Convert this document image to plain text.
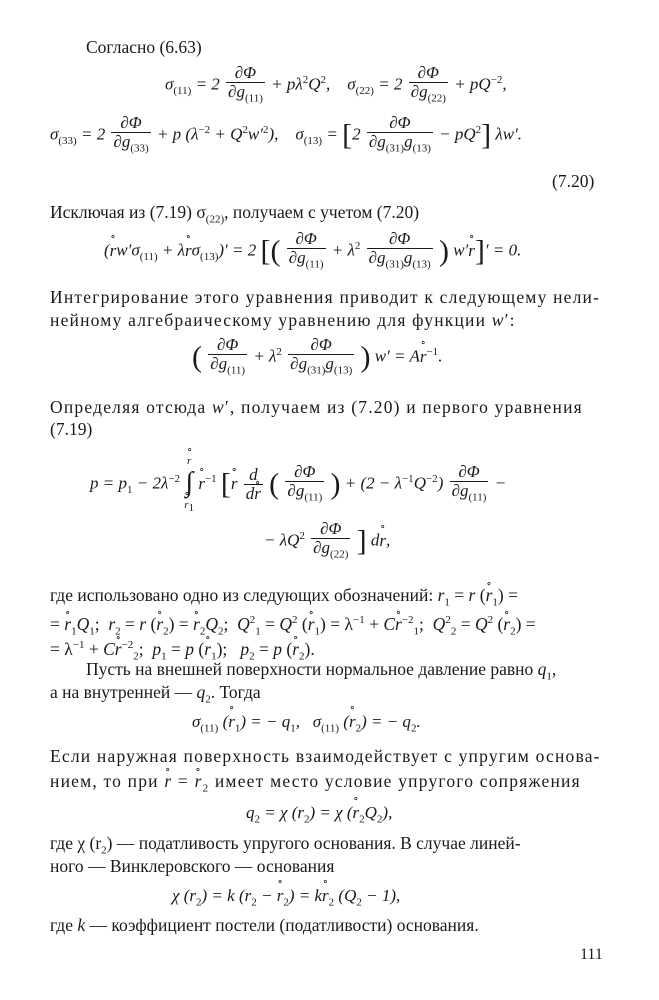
Согласно (6.63)
$\sigma_{(11)} = 2 \frac{\partial\Phi}{\partial g_{(11)}} + p\lambda^2Q^2$,    $\sigma_{(22)} = 2 \frac{\partial\Phi}{\partial g_{(22)}} + pQ^{-2}$,
$\sigma_{(33)} = 2 \frac{\partial\Phi}{\partial g_{(33)}} + p$ $(\lambda^{-2} + Q^2w'^2)$,    $\sigma_{(13)} = [2 \frac{\partial\Phi}{\partial g_{(31)}g_{(13)}} - pQ^2]$ λw′.
(7.20)
Исключая из (7.19) $\sigma_{(22)}$, получаем с учетом (7.20)
(∘ $rw'\sigma_{(11)}$ + λ∘ $r\sigma_{(13)})' = 2$ [( $\frac{\partial\Phi}{\partial g_{(11)}} + \lambda^2 \frac{\partial\Phi}{\partial g_{(31)}g_{(13)}}$ ) w′∘ r]′ = 0.
Интегрирование этого уравнения приводит к следующему нели-
нейному алгебраическому уравнению для функции w′:
( $\frac{\partial\Phi}{\partial g_{(11)}} + \lambda^2 \frac{\partial\Phi}{\partial g_{(31)}g_{(13)}}$ ) w′ = A∘ $r^{-1}$.
Определяя отсюда w′, получаем из (7.20) и первого уравнения
(7.19)
$p = p_1 - 2\lambda^{-2}$
∘ r
∫
∘ $r_1$
∘ $r^{-1}$ [∘ r $\frac{d}{d\circ r}$ ( $\frac{\partial\Phi}{\partial g_{(11)}}$ ) + $(2 - \lambda^{-1}Q^{-2}) \frac{\partial\Phi}{\partial g_{(11)}}$ −
− $\lambda Q^2 \frac{\partial\Phi}{\partial g_{(22)}}$ ] d∘ r,
где использовано одно из следующих обозначений: $r_1 = r$ (∘ $r_1$) =
= ∘ $r_1Q_1$;  $r_2 = r$ (∘ $r_2$) = ∘ $r_2Q_2$;  $Q^2_1 = Q^2$ (∘ $r_1) = \lambda^{-1}$ + C∘ $r^{-2}_1$;  $Q^2_2 = Q^2$ (∘ $r_2$) =
= $\lambda^{-1}$ + C∘ $r^{-2}_2$;  $p_1 = p$ (∘ $r_1$);   $p_2 = p$ (∘ $r_2$).
Пусть на внешней поверхности нормальное давление равно $q_1$,
а на внутренней — $q_2$. Тогда
$\sigma_{(11)}$ (∘ $r_1$) = − $q_1$,   $\sigma_{(11)}$ (∘ $r_2$) = − $q_2$.
Если наружная поверхность взаимодействует с упругим основа-
нием, то при ∘ r = ∘ $r_2$ имеет место условие упругого сопряжения
$q_2 = \chi$ $(r_2) = \chi$ (∘ $r_2Q_2$),
где χ $(r_2)$ — податливость упругого основания. В случае линей-
ного — Винклеровского — основания
χ $(r_2) = k$ ($r_2$ − ∘ $r_2$) = k∘ $r_2$ $(Q_2 - 1)$,
где k — коэффициент постели (податливости) основания.
111
